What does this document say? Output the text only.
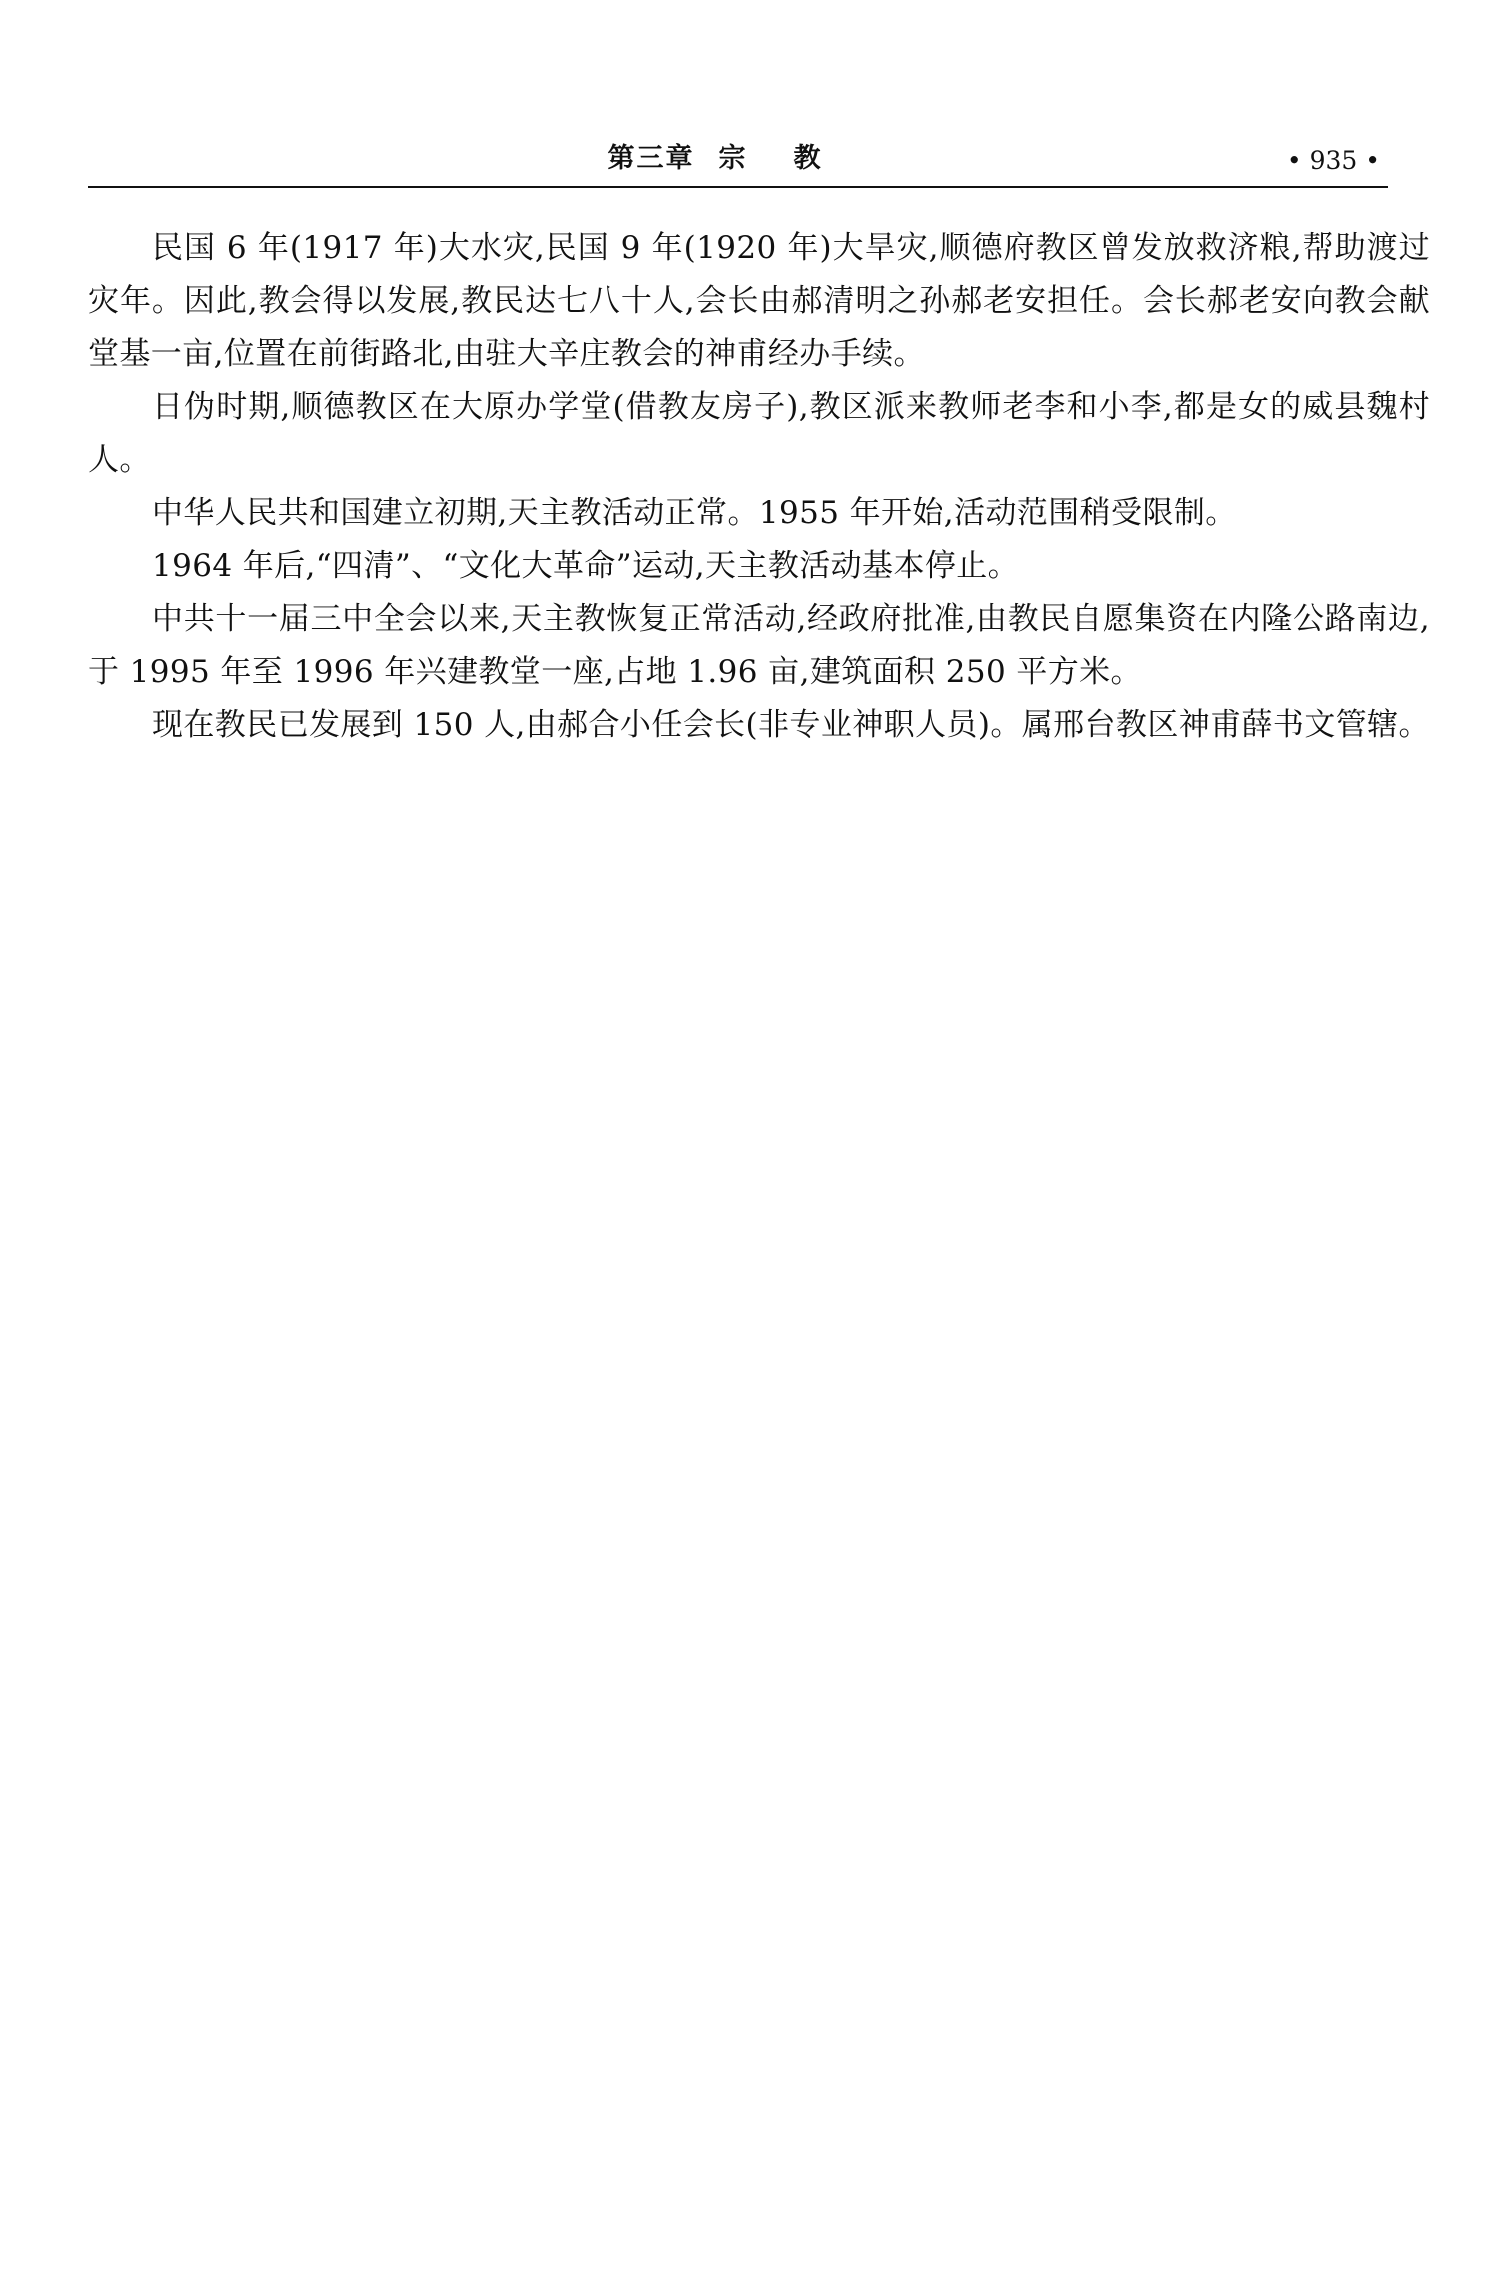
第三章 宗教	• 935 •

民国 6 年(1917 年)大水灾,民国 9 年(1920 年)大旱灾,顺德府教区曾发放救济粮,帮助渡过灾年。因此,教会得以发展,教民达七八十人,会长由郝清明之孙郝老安担任。会长郝老安向教会献堂基一亩,位置在前街路北,由驻大辛庄教会的神甫经办手续。

日伪时期,顺德教区在大原办学堂(借教友房子),教区派来教师老李和小李,都是女的威县魏村人。

中华人民共和国建立初期,天主教活动正常。1955 年开始,活动范围稍受限制。

1964 年后,“四清”、“文化大革命”运动,天主教活动基本停止。

中共十一届三中全会以来,天主教恢复正常活动,经政府批准,由教民自愿集资在内隆公路南边,于 1995 年至 1996 年兴建教堂一座,占地 1.96 亩,建筑面积 250 平方米。

现在教民已发展到 150 人,由郝合小任会长(非专业神职人员)。属邢台教区神甫薛书文管辖。
